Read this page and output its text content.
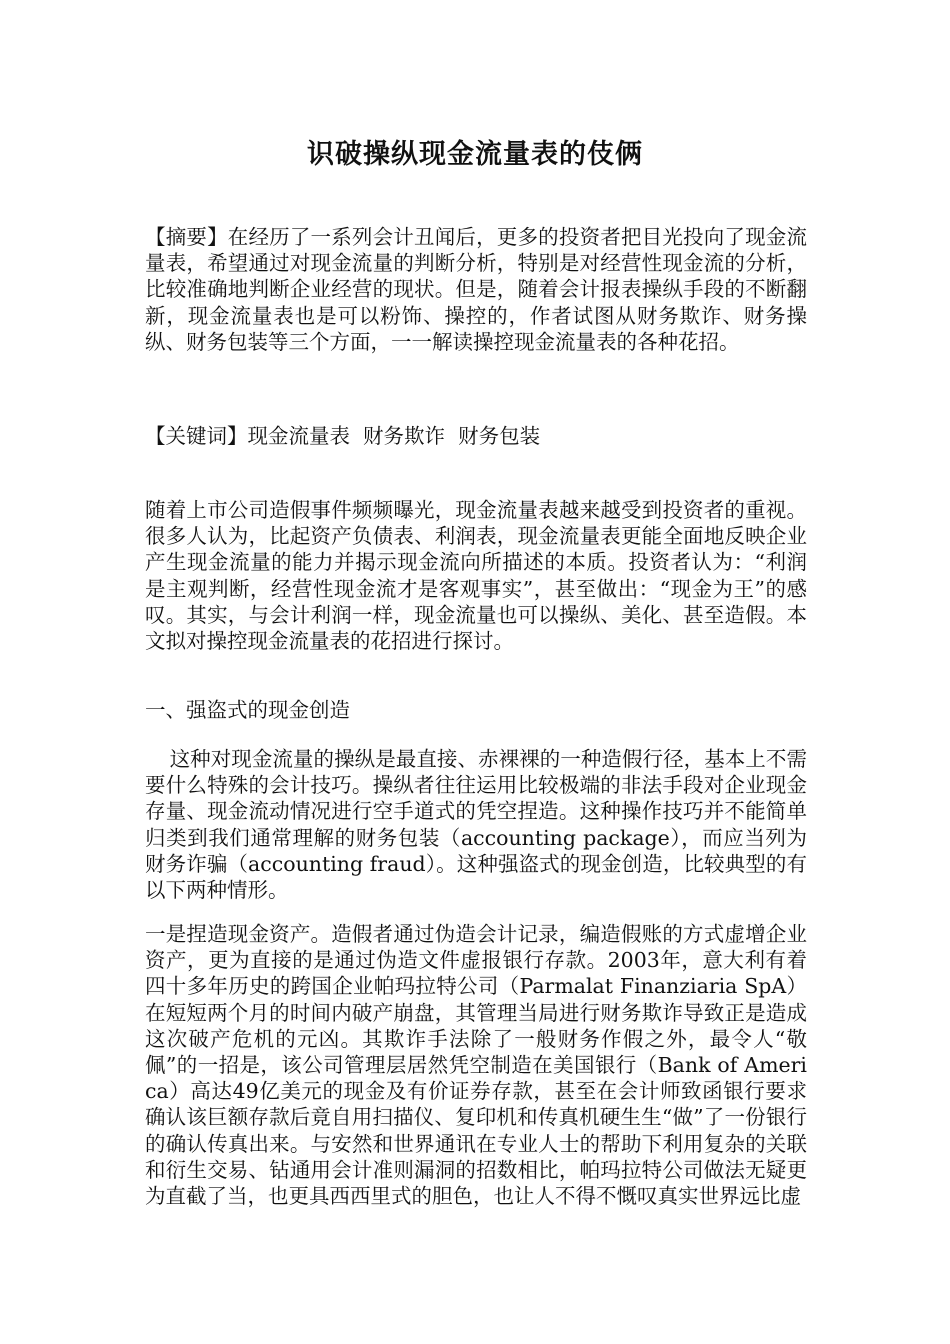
识破操纵现金流量表的伎俩

【摘要】在经历了一系列会计丑闻后，更多的投资者把目光投向了现金流量表，希望通过对现金流量的判断分析，特别是对经营性现金流的分析，比较准确地判断企业经营的现状。但是，随着会计报表操纵手段的不断翻新，现金流量表也是可以粉饰、操控的，作者试图从财务欺诈、财务操纵、财务包装等三个方面，一一解读操控现金流量表的各种花招。

【关键词】现金流量表  财务欺诈  财务包装

随着上市公司造假事件频频曝光，现金流量表越来越受到投资者的重视。很多人认为，比起资产负债表、利润表，现金流量表更能全面地反映企业产生现金流量的能力并揭示现金流向所描述的本质。投资者认为：“利润是主观判断，经营性现金流才是客观事实”，甚至做出：“现金为王”的感叹。其实，与会计利润一样，现金流量也可以操纵、美化、甚至造假。本文拟对操控现金流量表的花招进行探讨。

一、强盗式的现金创造

这种对现金流量的操纵是最直接、赤裸裸的一种造假行径，基本上不需要什么特殊的会计技巧。操纵者往往运用比较极端的非法手段对企业现金存量、现金流动情况进行空手道式的凭空捏造。这种操作技巧并不能简单归类到我们通常理解的财务包装（accounting package），而应当列为财务诈骗（accounting fraud）。这种强盗式的现金创造，比较典型的有以下两种情形。

一是捏造现金资产。造假者通过伪造会计记录，编造假账的方式虚增企业资产，更为直接的是通过伪造文件虚报银行存款。2003年，意大利有着四十多年历史的跨国企业帕玛拉特公司（Parmalat Finanziaria SpA）在短短两个月的时间内破产崩盘，其管理当局进行财务欺诈导致正是造成这次破产危机的元凶。其欺诈手法除了一般财务作假之外，最令人“敬佩”的一招是，该公司管理层居然凭空制造在美国银行（Bank of America）高达49亿美元的现金及有价证券存款，甚至在会计师致函银行要求确认该巨额存款后竟自用扫描仪、复印机和传真机硬生生“做”了一份银行的确认传真出来。与安然和世界通讯在专业人士的帮助下利用复杂的关联和衍生交易、钻通用会计准则漏洞的招数相比，帕玛拉特公司做法无疑更为直截了当，也更具西西里式的胆色，也让人不得不慨叹真实世界远比虚
